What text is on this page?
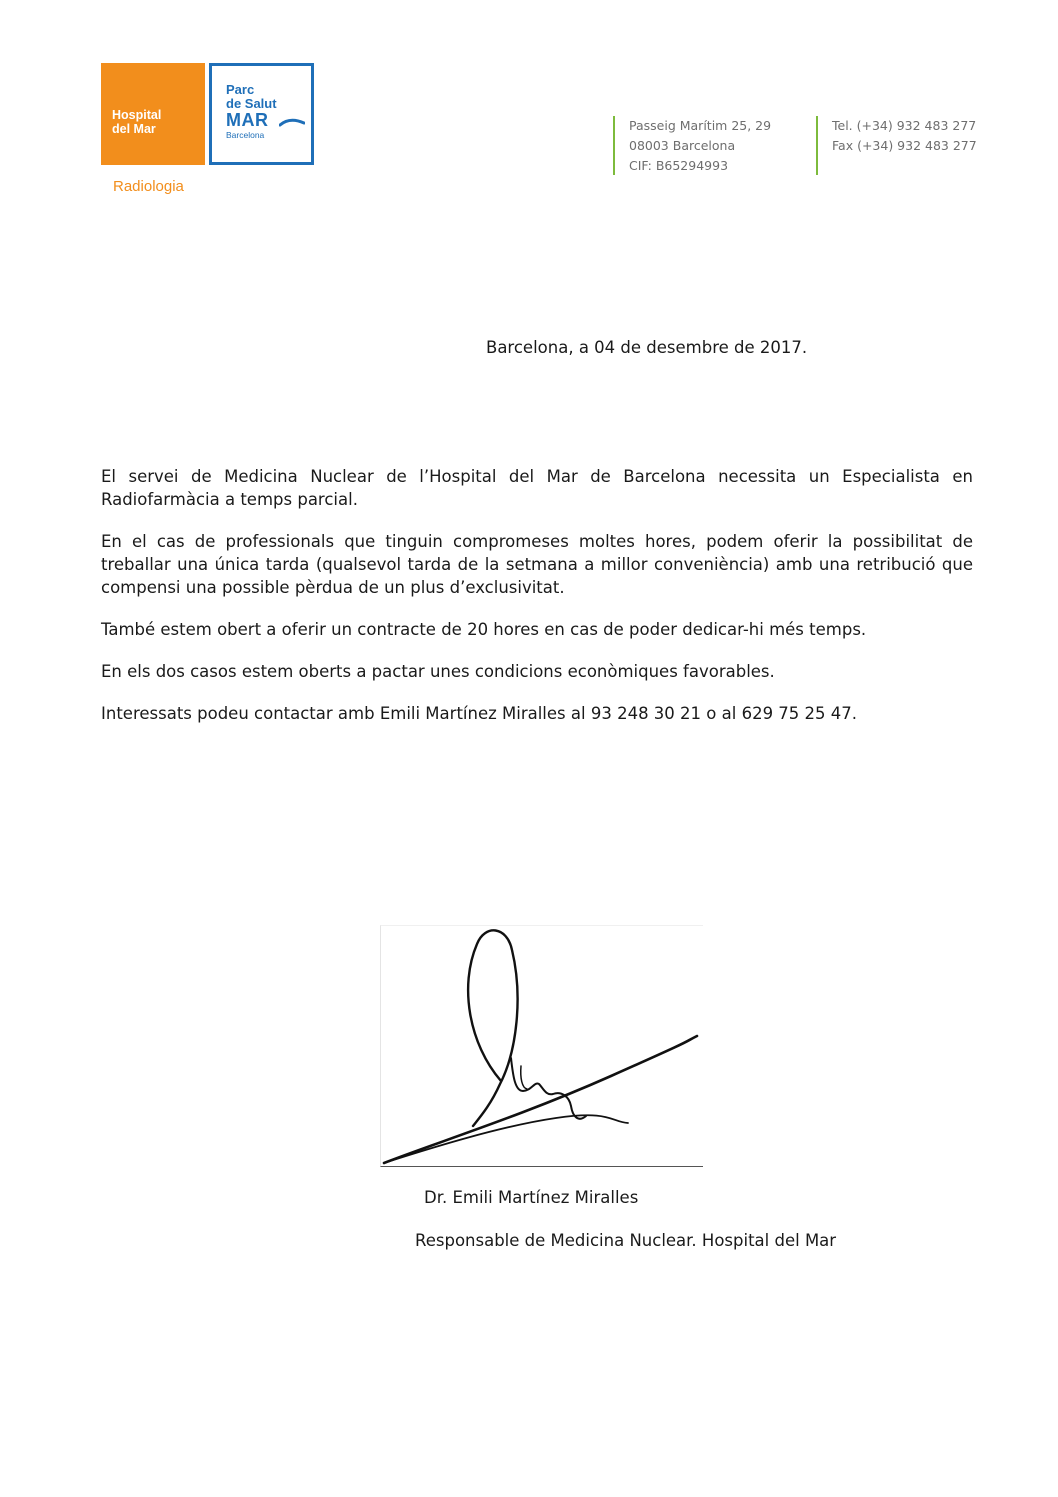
Hospital
del Mar
Parc
de Salut
MAR
Barcelona
Radiologia
Passeig Marítim 25, 29
08003 Barcelona
CIF: B65294993
Tel. (+34) 932 483 277
Fax (+34) 932 483 277
Barcelona, a 04 de desembre de 2017.

El servei de Medicina Nuclear de l’Hospital del Mar de Barcelona necessita un Especialista en Radiofarmàcia a temps parcial.

En el cas de professionals que tinguin compromeses moltes hores, podem oferir la possibilitat de treballar una única tarda (qualsevol tarda de la setmana a millor conveniència) amb una retribució que compensi una possible pèrdua de un plus d’exclusivitat.

També estem obert a oferir un contracte de 20 hores en cas de poder dedicar-hi més temps.

En els dos casos estem oberts a pactar unes condicions econòmiques favorables.

Interessats podeu contactar amb Emili Martínez Miralles al 93 248 30 21 o al 629 75 25 47.

Dr. Emili Martínez Miralles
Responsable de Medicina Nuclear. Hospital del Mar
